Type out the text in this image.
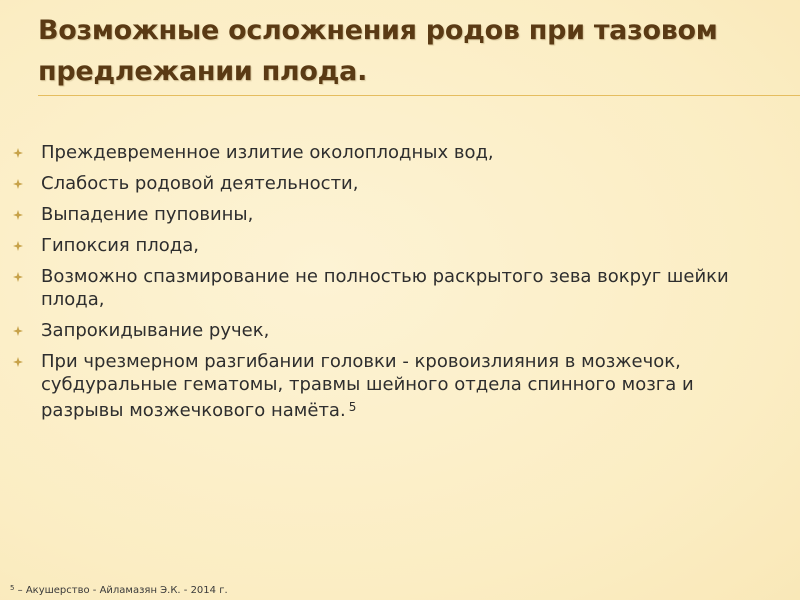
Возможные осложнения родов при тазовом предлежании плода.
Преждевременное излитие околоплодных вод,
Слабость родовой деятельности,
Выпадение пуповины,
Гипоксия плода,
Возможно спазмирование не полностью раскрытого зева вокруг шейки плода,
Запрокидывание ручек,
При чрезмерном разгибании головки - кровоизлияния в мозжечок, субдуральные гематомы, травмы шейного отдела спинного мозга и разрывы мозжечкового намёта. $^5$
$^5$ – Акушерство - Айламазян Э.К. - 2014 г.
